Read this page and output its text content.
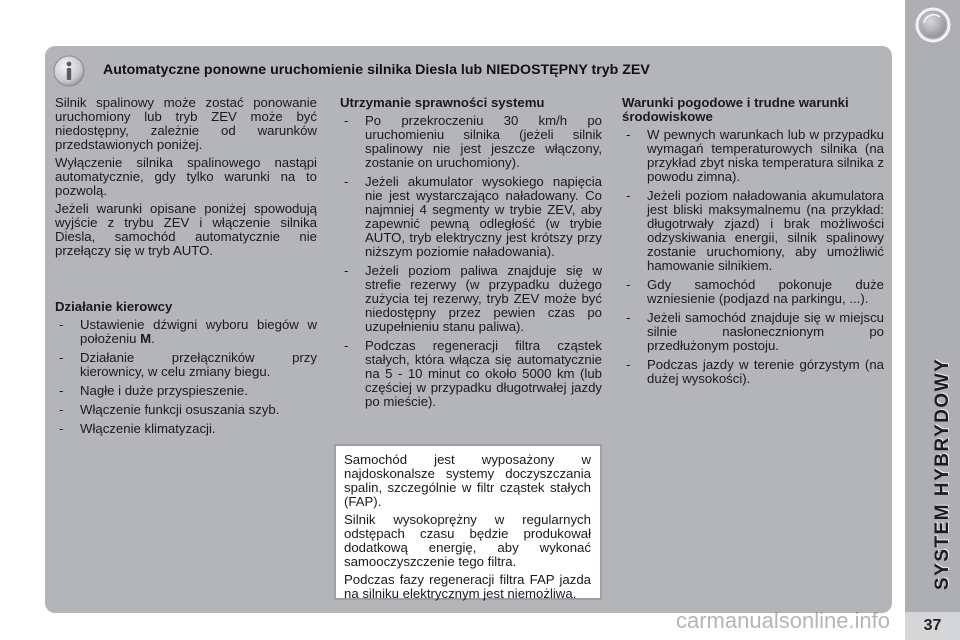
Automatyczne ponowne uruchomienie silnika Diesla lub NIEDOSTĘPNY tryb ZEV

Silnik spalinowy może zostać ponowanie uruchomiony lub tryb ZEV może być niedostępny, zależnie od warunków przedstawionych poniżej.

Wyłączenie silnika spalinowego nastąpi automatycznie, gdy tylko warunki na to pozwolą.

Jeżeli warunki opisane poniżej spowodują wyjście z trybu ZEV i włączenie silnika Diesla, samochód automatycznie nie przełączy się w tryb AUTO.

Działanie kierowcy
- Ustawienie dźwigni wyboru biegów w położeniu M.
- Działanie przełączników przy kierownicy, w celu zmiany biegu.
- Nagłe i duże przyspieszenie.
- Włączenie funkcji osuszania szyb.
- Włączenie klimatyzacji.
Utrzymanie sprawności systemu
- Po przekroczeniu 30 km/h po uruchomieniu silnika (jeżeli silnik spalinowy nie jest jeszcze włączony, zostanie on uruchomiony).
- Jeżeli akumulator wysokiego napięcia nie jest wystarczająco naładowany. Co najmniej 4 segmenty w trybie ZEV, aby zapewnić pewną odległość (w trybie AUTO, tryb elektryczny jest krótszy przy niższym poziomie naładowania).
- Jeżeli poziom paliwa znajduje się w strefie rezerwy (w przypadku dużego zużycia tej rezerwy, tryb ZEV może być niedostępny przez pewien czas po uzupełnieniu stanu paliwa).
- Podczas regeneracji filtra cząstek stałych, która włącza się automatycznie na 5 - 10 minut co około 5000 km (lub częściej w przypadku długotrwałej jazdy po mieście).
Warunki pogodowe i trudne warunki środowiskowe
- W pewnych warunkach lub w przypadku wymagań temperaturowych silnika (na przykład zbyt niska temperatura silnika z powodu zimna).
- Jeżeli poziom naładowania akumulatora jest bliski maksymalnemu (na przykład: długotrwały zjazd) i brak możliwości odzyskiwania energii, silnik spalinowy zostanie uruchomiony, aby umożliwić hamowanie silnikiem.
- Gdy samochód pokonuje duże wzniesienie (podjazd na parkingu, ...).
- Jeżeli samochód znajduje się w miejscu silnie nasłonecznionym po przedłużonym postoju.
- Podczas jazdy w terenie górzystym (na dużej wysokości).

Samochód jest wyposażony w najdoskonalsze systemy doczyszczania spalin, szczególnie w filtr cząstek stałych (FAP).

Silnik wysokoprężny w regularnych odstępach czasu będzie produkował dodatkową energię, aby wykonać samooczyszczenie tego filtra.

Podczas fazy regeneracji filtra FAP jazda na silniku elektrycznym jest niemożliwa.

SYSTEM HYBRYDOWY
37
carmanualsonline.info
